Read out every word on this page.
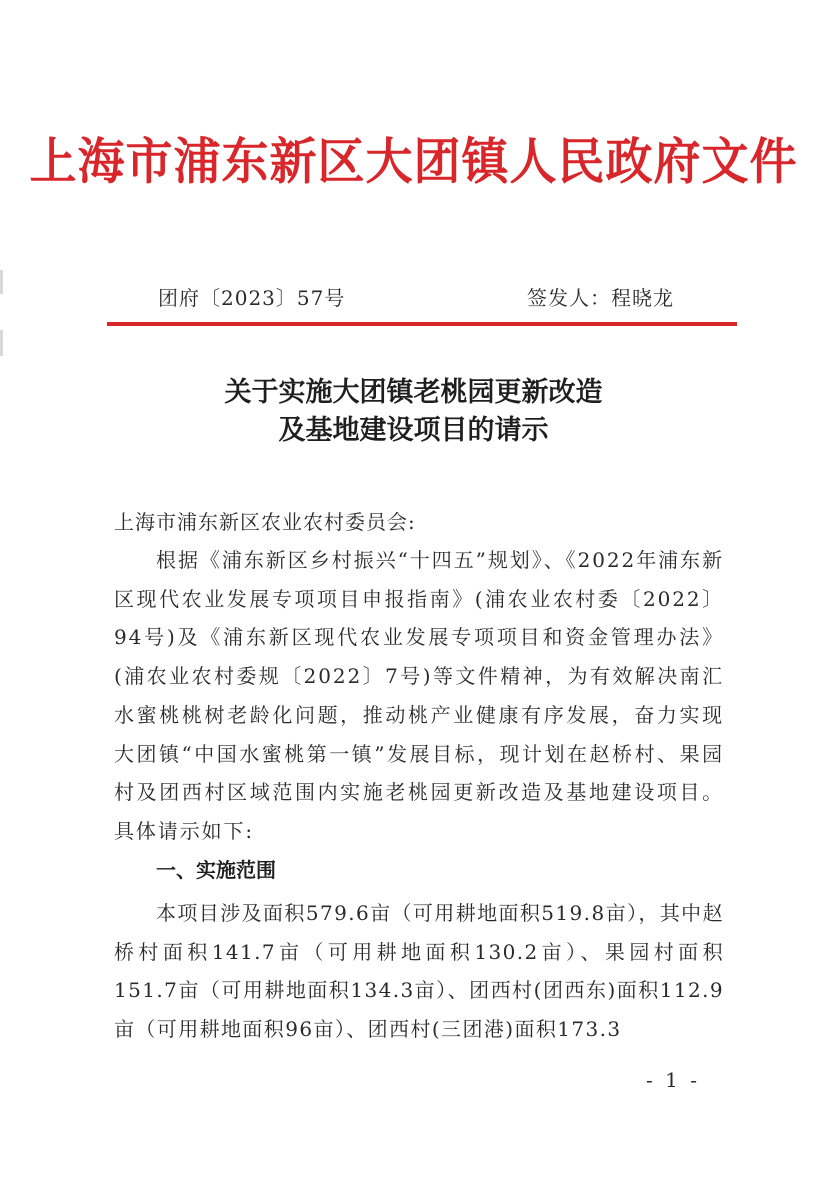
上海市浦东新区大团镇人民政府文件
团府〔2023〕57号	签发人：程晓龙
关于实施大团镇老桃园更新改造
及基地建设项目的请示
上海市浦东新区农业农村委员会:
根据《浦东新区乡村振兴“十四五”规划》、《2022年浦东新区现代农业发展专项项目申报指南》(浦农业农村委〔2022〕94号)及《浦东新区现代农业发展专项项目和资金管理办法》(浦农业农村委规〔2022〕7号)等文件精神，为有效解决南汇水蜜桃桃树老龄化问题，推动桃产业健康有序发展，奋力实现大团镇“中国水蜜桃第一镇”发展目标，现计划在赵桥村、果园村及团西村区域范围内实施老桃园更新改造及基地建设项目。具体请示如下:
一、实施范围
本项目涉及面积579.6亩（可用耕地面积519.8亩），其中赵桥村面积141.7亩（可用耕地面积130.2亩）、果园村面积151.7亩（可用耕地面积134.3亩）、团西村(团西东)面积112.9亩（可用耕地面积96亩）、团西村(三团港)面积173.3
- 1 -
